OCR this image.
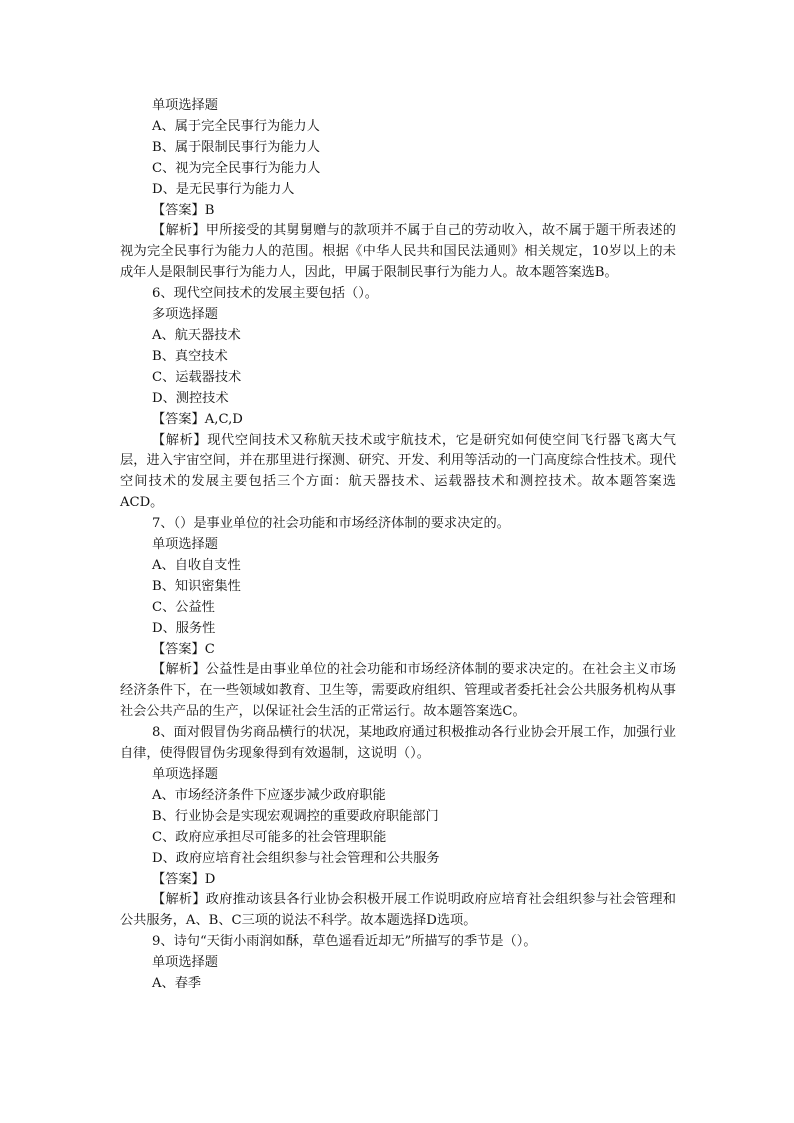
单项选择题
A、属于完全民事行为能力人
B、属于限制民事行为能力人
C、视为完全民事行为能力人
D、是无民事行为能力人
【答案】B
【解析】甲所接受的其舅舅赠与的款项并不属于自己的劳动收入，故不属于题干所表述的视为完全民事行为能力人的范围。根据《中华人民共和国民法通则》相关规定，10岁以上的未成年人是限制民事行为能力人，因此，甲属于限制民事行为能力人。故本题答案选B。
6、现代空间技术的发展主要包括（）。
多项选择题
A、航天器技术
B、真空技术
C、运载器技术
D、测控技术
【答案】A,C,D
【解析】现代空间技术又称航天技术或宇航技术，它是研究如何使空间飞行器飞离大气层，进入宇宙空间，并在那里进行探测、研究、开发、利用等活动的一门高度综合性技术。现代空间技术的发展主要包括三个方面：航天器技术、运载器技术和测控技术。故本题答案选ACD。
7、（）是事业单位的社会功能和市场经济体制的要求决定的。
单项选择题
A、自收自支性
B、知识密集性
C、公益性
D、服务性
【答案】C
【解析】公益性是由事业单位的社会功能和市场经济体制的要求决定的。在社会主义市场经济条件下，在一些领域如教育、卫生等，需要政府组织、管理或者委托社会公共服务机构从事社会公共产品的生产，以保证社会生活的正常运行。故本题答案选C。
8、面对假冒伪劣商品横行的状况，某地政府通过积极推动各行业协会开展工作，加强行业自律，使得假冒伪劣现象得到有效遏制，这说明（）。
单项选择题
A、市场经济条件下应逐步减少政府职能
B、行业协会是实现宏观调控的重要政府职能部门
C、政府应承担尽可能多的社会管理职能
D、政府应培育社会组织参与社会管理和公共服务
【答案】D
【解析】政府推动该县各行业协会积极开展工作说明政府应培育社会组织参与社会管理和公共服务，A、B、C三项的说法不科学。故本题选择D选项。
9、诗句“天街小雨润如酥，草色遥看近却无”所描写的季节是（）。
单项选择题
A、春季
